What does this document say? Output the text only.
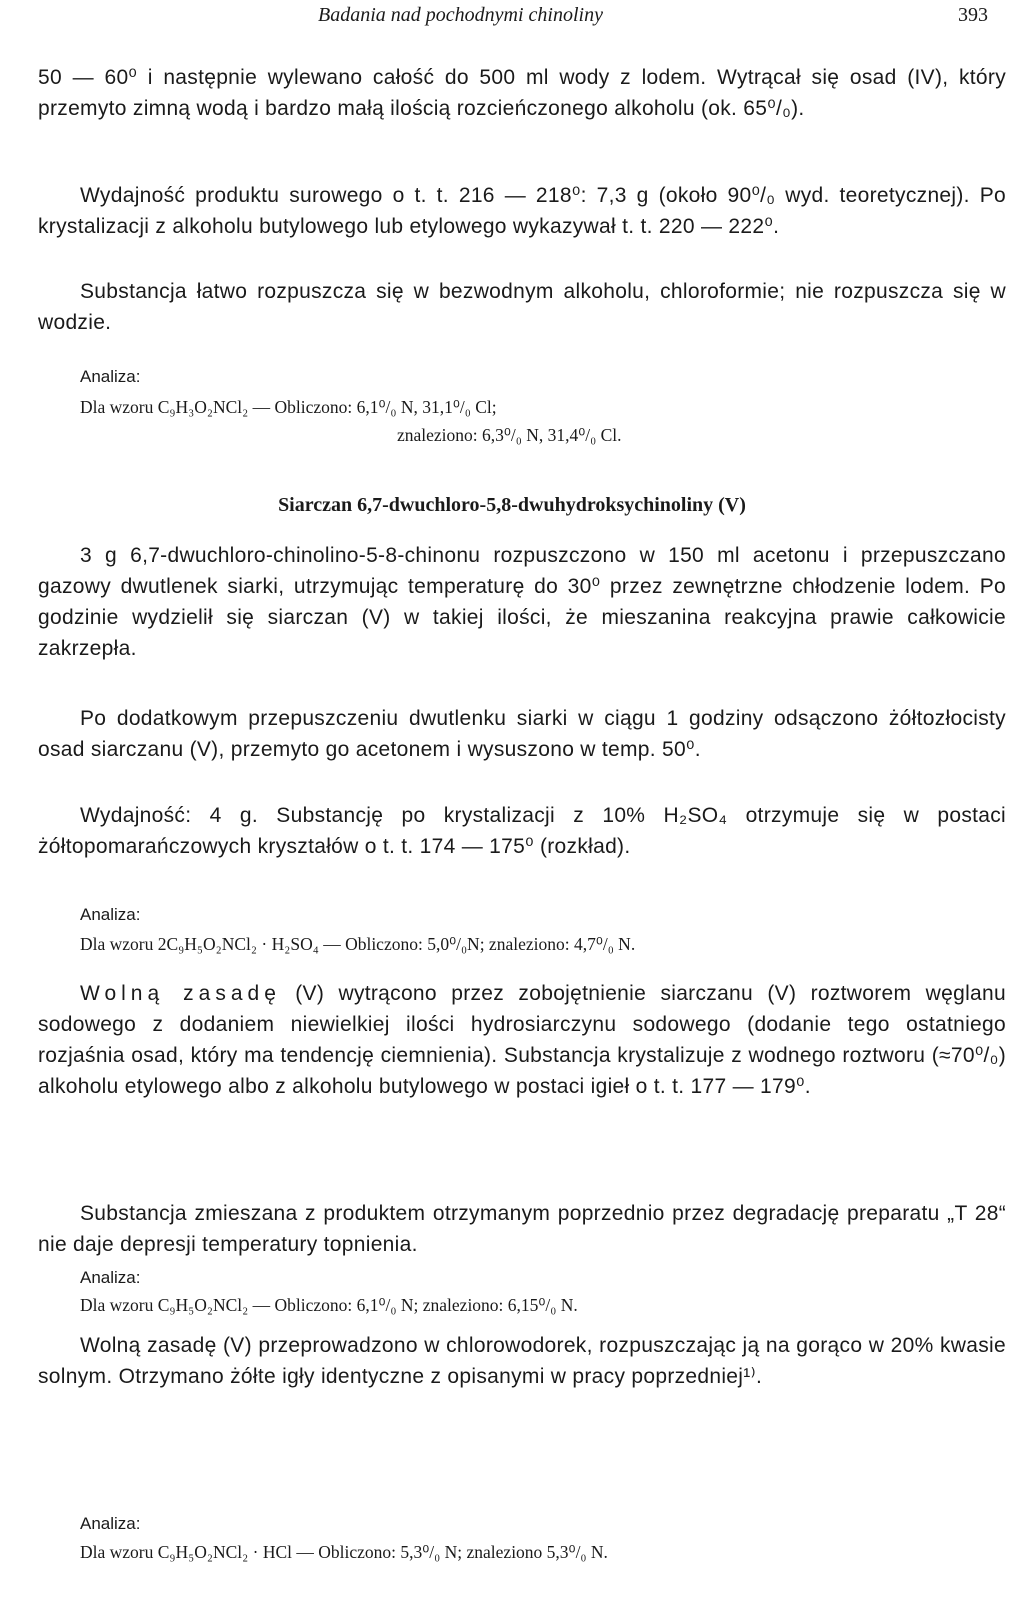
Badania nad pochodnymi chinoliny	393

50 — 60⁰ i następnie wylewano całość do 500 ml wody z lodem. Wytrącał się osad (IV), który przemyto zimną wodą i bardzo małą ilością rozcieńczonego alkoholu (ok. 65⁰/₀).

Wydajność produktu surowego o t. t. 216 — 218⁰: 7,3 g (około 90⁰/₀ wyd. teoretycznej). Po krystalizacji z alkoholu butylowego lub etylowego wykazywał t. t. 220 — 222⁰.

Substancja łatwo rozpuszcza się w bezwodnym alkoholu, chloroformie; nie rozpuszcza się w wodzie.

Analiza:
Dla wzoru C₉H₃O₂NCl₂ — Obliczono: 6,1⁰/₀ N, 31,1⁰/₀ Cl;
znaleziono: 6,3⁰/₀ N, 31,4⁰/₀ Cl.
Siarczan 6,7-dwuchloro-5,8-dwuhydroksychinoliny (V)

3 g 6,7-dwuchloro-chinolino-5-8-chinonu rozpuszczono w 150 ml acetonu i przepuszczano gazowy dwutlenek siarki, utrzymując temperaturę do 30⁰ przez zewnętrzne chłodzenie lodem. Po godzinie wydzielił się siarczan (V) w takiej ilości, że mieszanina reakcyjna prawie całkowicie zakrzepła.

Po dodatkowym przepuszczeniu dwutlenku siarki w ciągu 1 godziny odsączono żółtozłocisty osad siarczanu (V), przemyto go acetonem i wysuszono w temp. 50⁰.

Wydajność: 4 g. Substancję po krystalizacji z 10% H₂SO₄ otrzymuje się w postaci żółtopomarańczowych kryształów o t. t. 174 — 175⁰ (rozkład).

Analiza:
Dla wzoru 2C₉H₅O₂NCl₂ · H₂SO₄ — Obliczono: 5,0⁰/₀N; znaleziono: 4,7⁰/₀ N.

Wolną zasadę (V) wytrącono przez zobojętnienie siarczanu (V) roztworem węglanu sodowego z dodaniem niewielkiej ilości hydrosiarczynu sodowego (dodanie tego ostatniego rozjaśnia osad, który ma tendencję ciemnienia). Substancja krystalizuje z wodnego roztworu (≈70⁰/₀) alkoholu etylowego albo z alkoholu butylowego w postaci igieł o t. t. 177 — 179⁰.

Substancja zmieszana z produktem otrzymanym poprzednio przez degradację preparatu „T 28“ nie daje depresji temperatury topnienia.

Analiza:
Dla wzoru C₉H₅O₂NCl₂ — Obliczono: 6,1⁰/₀ N; znaleziono: 6,15⁰/₀ N.

Wolną zasadę (V) przeprowadzono w chlorowodorek, rozpuszczając ją na gorąco w 20% kwasie solnym. Otrzymano żółte igły identyczne z opisanymi w pracy poprzedniej¹⁾.

Analiza:
Dla wzoru C₉H₅O₂NCl₂ · HCl — Obliczono: 5,3⁰/₀ N; znaleziono 5,3⁰/₀ N.
